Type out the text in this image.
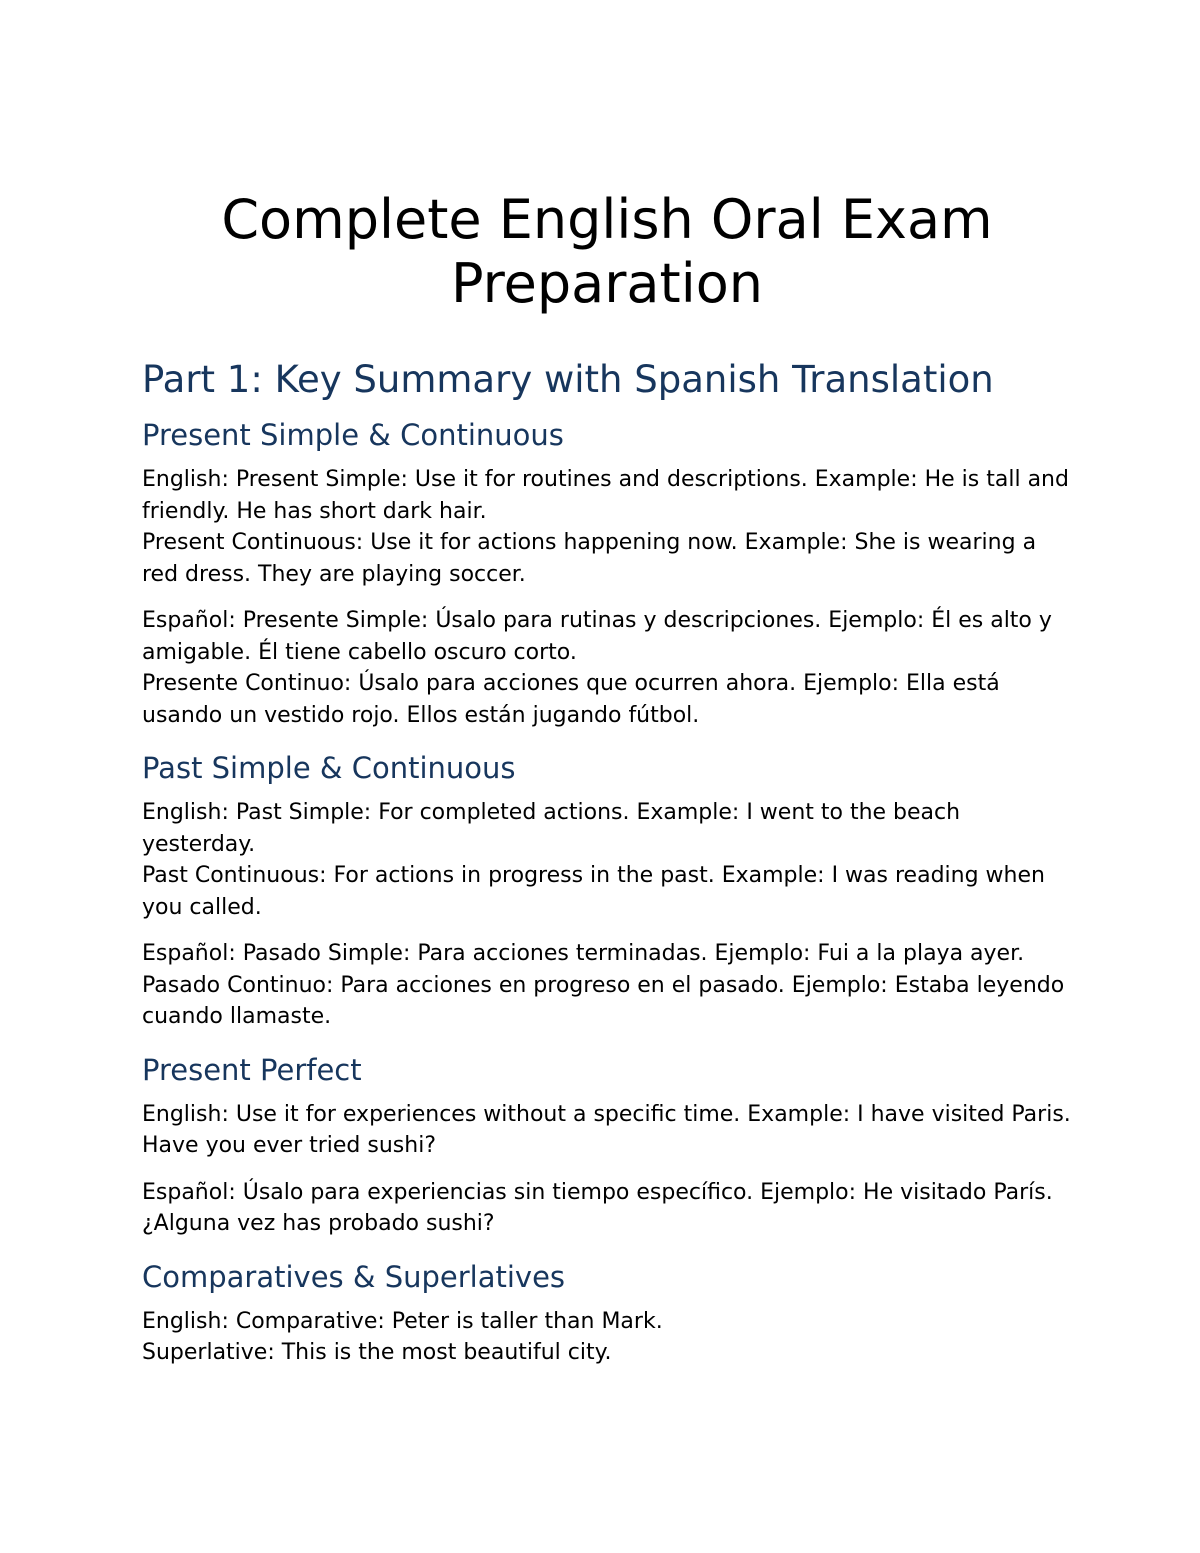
Complete English Oral Exam Preparation
Part 1: Key Summary with Spanish Translation
Present Simple & Continuous

English: Present Simple: Use it for routines and descriptions. Example: He is tall and friendly. He has short dark hair.
Present Continuous: Use it for actions happening now. Example: She is wearing a red dress. They are playing soccer.

Español: Presente Simple: Úsalo para rutinas y descripciones. Ejemplo: Él es alto y amigable. Él tiene cabello oscuro corto.
Presente Continuo: Úsalo para acciones que ocurren ahora. Ejemplo: Ella está usando un vestido rojo. Ellos están jugando fútbol.

Past Simple & Continuous

English: Past Simple: For completed actions. Example: I went to the beach yesterday.
Past Continuous: For actions in progress in the past. Example: I was reading when you called.

Español: Pasado Simple: Para acciones terminadas. Ejemplo: Fui a la playa ayer.
Pasado Continuo: Para acciones en progreso en el pasado. Ejemplo: Estaba leyendo cuando llamaste.

Present Perfect

English: Use it for experiences without a specific time. Example: I have visited Paris. Have you ever tried sushi?

Español: Úsalo para experiencias sin tiempo específico. Ejemplo: He visitado París. ¿Alguna vez has probado sushi?

Comparatives & Superlatives

English: Comparative: Peter is taller than Mark.
Superlative: This is the most beautiful city.
